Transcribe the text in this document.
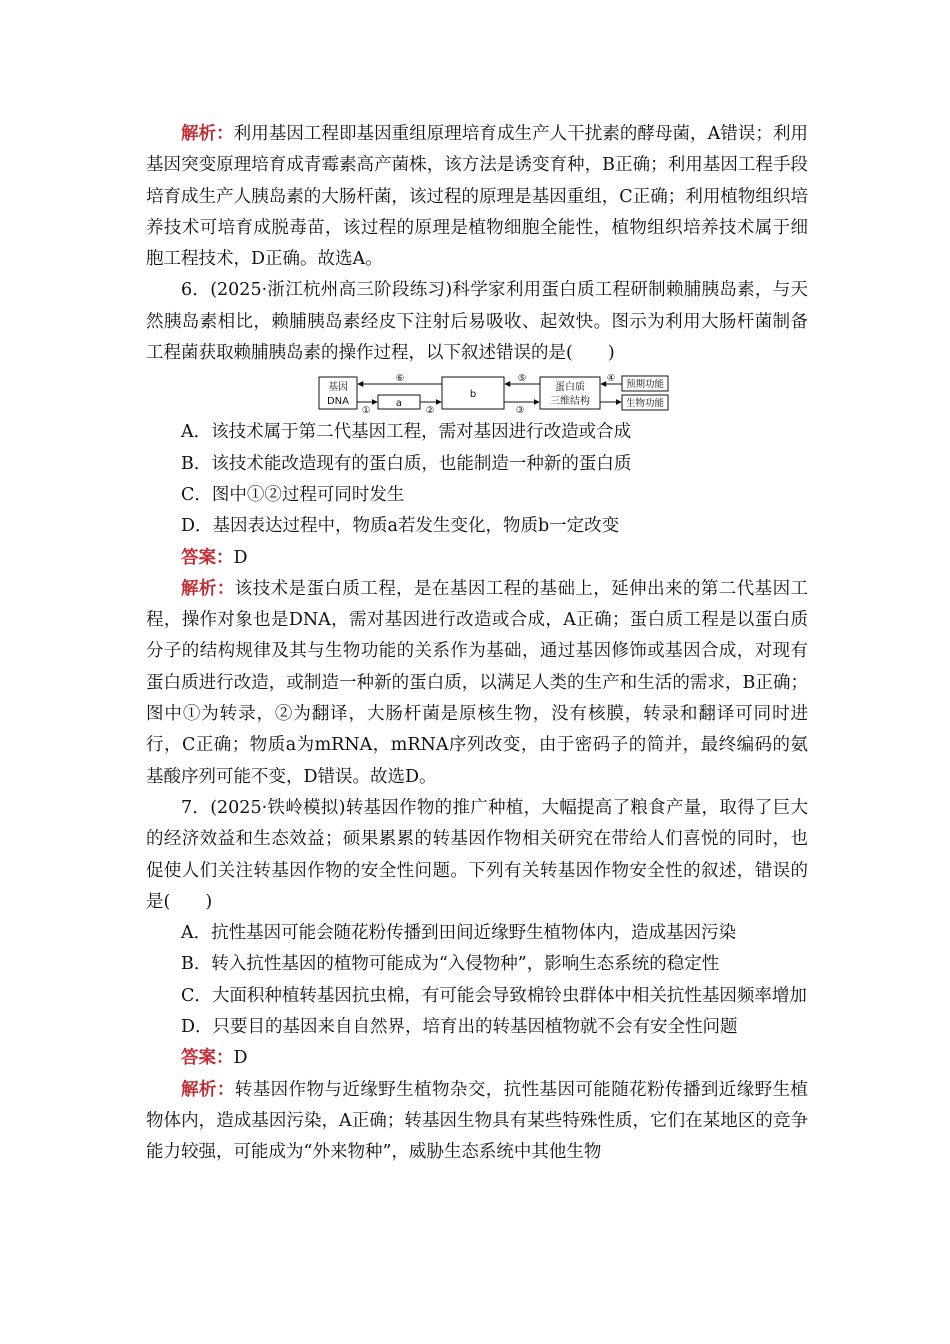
解析：利用基因工程即基因重组原理培育成生产人干扰素的酵母菌，A错误；利用基因突变原理培育成青霉素高产菌株，该方法是诱变育种，B正确；利用基因工程手段培育成生产人胰岛素的大肠杆菌，该过程的原理是基因重组，C正确；利用植物组织培养技术可培育成脱毒苗，该过程的原理是植物细胞全能性，植物组织培养技术属于细胞工程技术，D正确。故选A。

6．(2025·浙江杭州高三阶段练习)科学家利用蛋白质工程研制赖脯胰岛素，与天然胰岛素相比，赖脯胰岛素经皮下注射后易吸收、起效快。图示为利用大肠杆菌制备工程菌获取赖脯胰岛素的操作过程，以下叙述错误的是(　　)

基因
DNA	a
b
蛋白质
三维结构
预期功能
生物功能
①	②	③
④
⑤
⑥

A．该技术属于第二代基因工程，需对基因进行改造或合成

B．该技术能改造现有的蛋白质，也能制造一种新的蛋白质

C．图中①②过程可同时发生

D．基因表达过程中，物质a若发生变化，物质b一定改变

答案：D

解析：该技术是蛋白质工程，是在基因工程的基础上，延伸出来的第二代基因工程，操作对象也是DNA，需对基因进行改造或合成，A正确；蛋白质工程是以蛋白质分子的结构规律及其与生物功能的关系作为基础，通过基因修饰或基因合成，对现有蛋白质进行改造，或制造一种新的蛋白质，以满足人类的生产和生活的需求，B正确；图中①为转录，②为翻译，大肠杆菌是原核生物，没有核膜，转录和翻译可同时进行，C正确；物质a为mRNA，mRNA序列改变，由于密码子的简并，最终编码的氨基酸序列可能不变，D错误。故选D。

7．(2025·铁岭模拟)转基因作物的推广种植，大幅提高了粮食产量，取得了巨大的经济效益和生态效益；硕果累累的转基因作物相关研究在带给人们喜悦的同时，也促使人们关注转基因作物的安全性问题。下列有关转基因作物安全性的叙述，错误的是(　　)

A．抗性基因可能会随花粉传播到田间近缘野生植物体内，造成基因污染

B．转入抗性基因的植物可能成为“入侵物种”，影响生态系统的稳定性

C．大面积种植转基因抗虫棉，有可能会导致棉铃虫群体中相关抗性基因频率增加

D．只要目的基因来自自然界，培育出的转基因植物就不会有安全性问题

答案：D

解析：转基因作物与近缘野生植物杂交，抗性基因可能随花粉传播到近缘野生植物体内，造成基因污染，A正确；转基因生物具有某些特殊性质，它们在某地区的竞争能力较强，可能成为“外来物种”，威胁生态系统中其他生物
